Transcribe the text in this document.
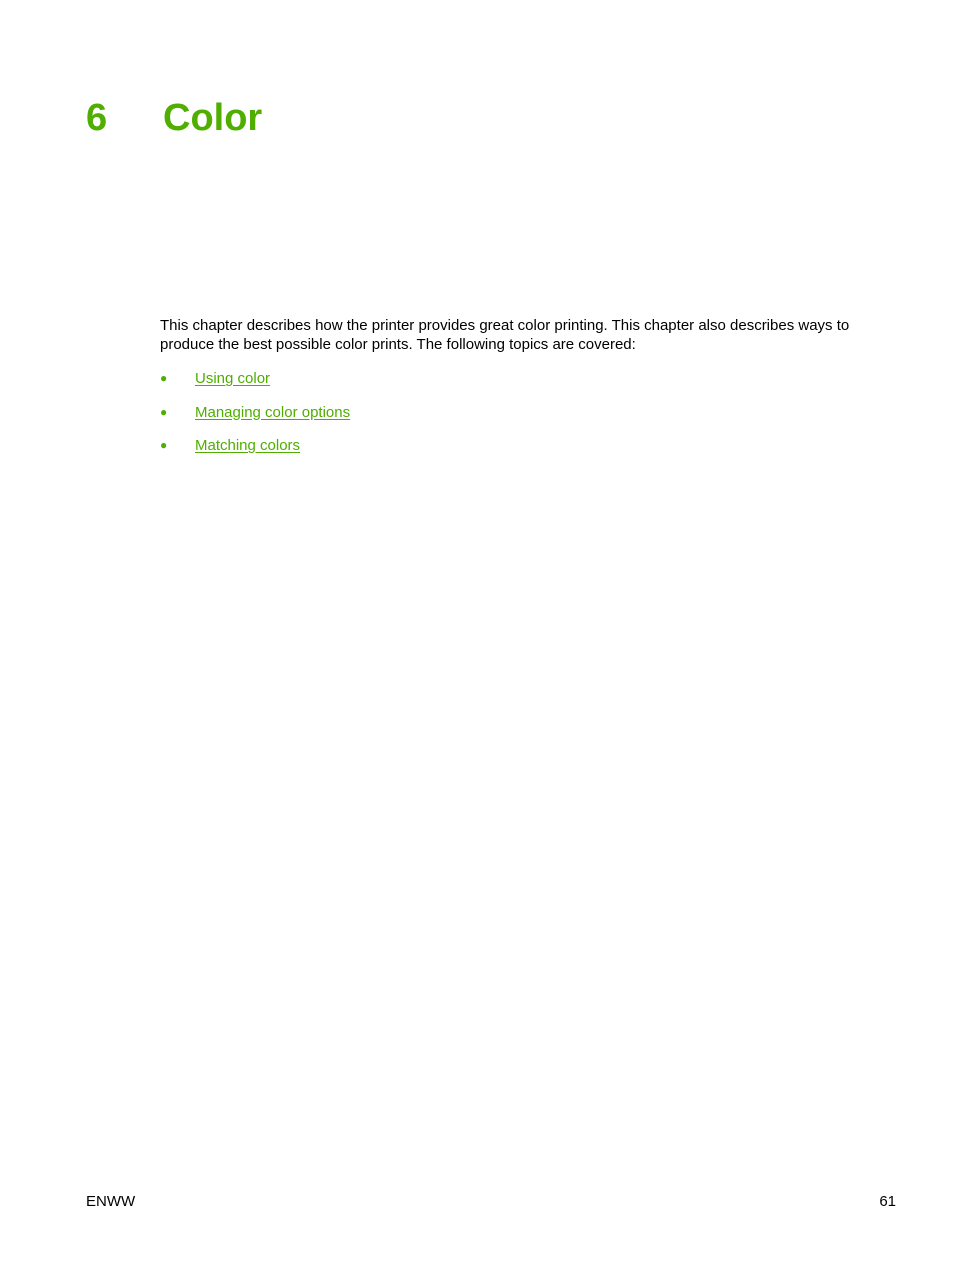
6 Color

This chapter describes how the printer provides great color printing. This chapter also describes ways to produce the best possible color prints. The following topics are covered:

● Using color
● Managing color options
● Matching colors
ENWW	61
